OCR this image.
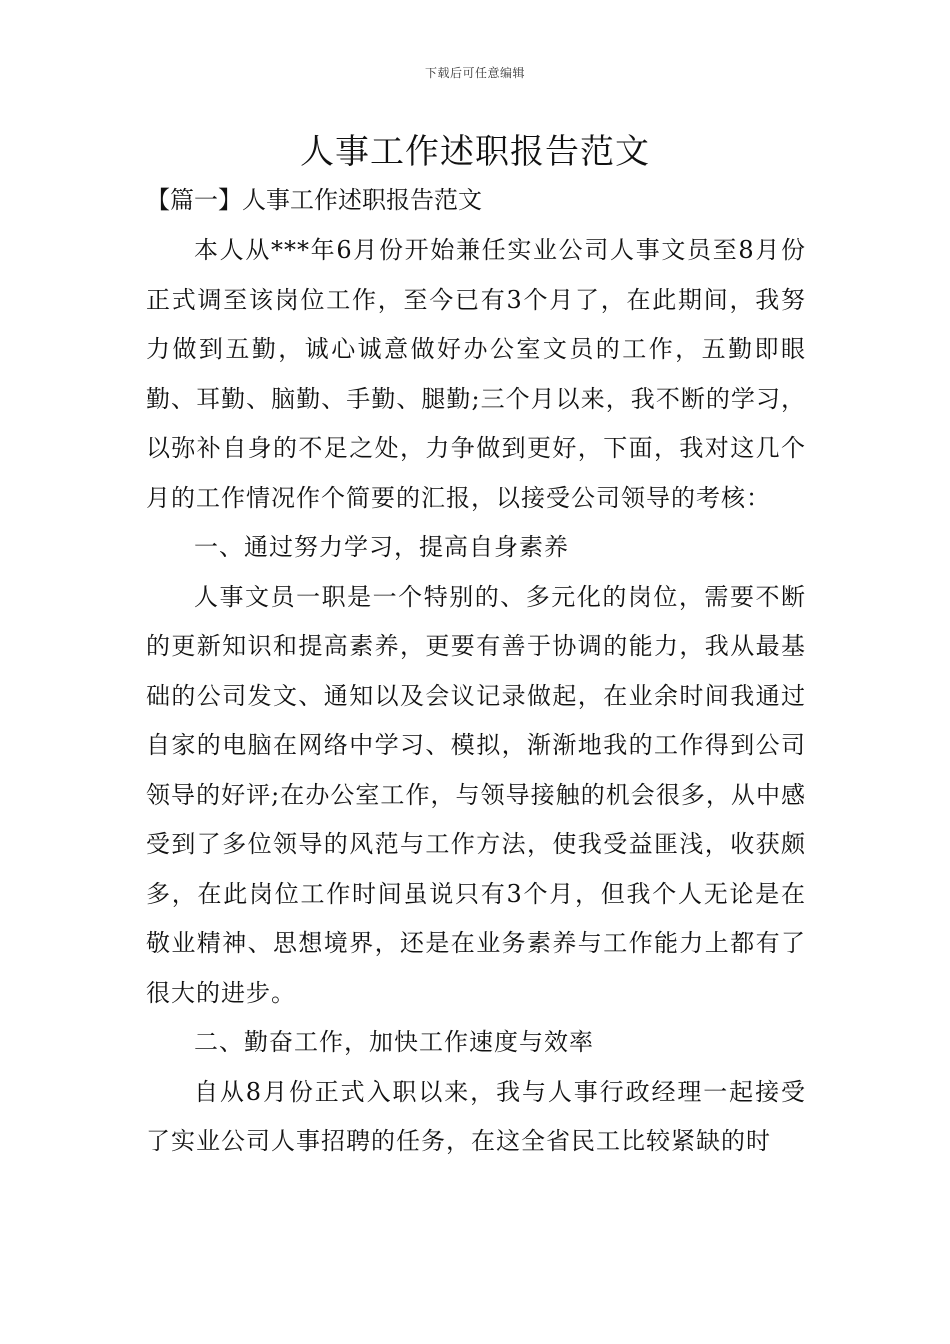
下载后可任意编辑
人事工作述职报告范文
【篇一】人事工作述职报告范文

本人从***年6月份开始兼任实业公司人事文员至8月份正式调至该岗位工作，至今已有3个月了，在此期间，我努力做到五勤，诚心诚意做好办公室文员的工作，五勤即眼勤、耳勤、脑勤、手勤、腿勤;三个月以来，我不断的学习，以弥补自身的不足之处，力争做到更好，下面，我对这几个月的工作情况作个简要的汇报，以接受公司领导的考核：

一、通过努力学习，提高自身素养

人事文员一职是一个特别的、多元化的岗位，需要不断的更新知识和提高素养，更要有善于协调的能力，我从最基础的公司发文、通知以及会议记录做起，在业余时间我通过自家的电脑在网络中学习、模拟，渐渐地我的工作得到公司领导的好评;在办公室工作，与领导接触的机会很多，从中感受到了多位领导的风范与工作方法，使我受益匪浅，收获颇多，在此岗位工作时间虽说只有3个月，但我个人无论是在敬业精神、思想境界，还是在业务素养与工作能力上都有了很大的进步。

二、勤奋工作，加快工作速度与效率

自从8月份正式入职以来，我与人事行政经理一起接受了实业公司人事招聘的任务，在这全省民工比较紧缺的时
